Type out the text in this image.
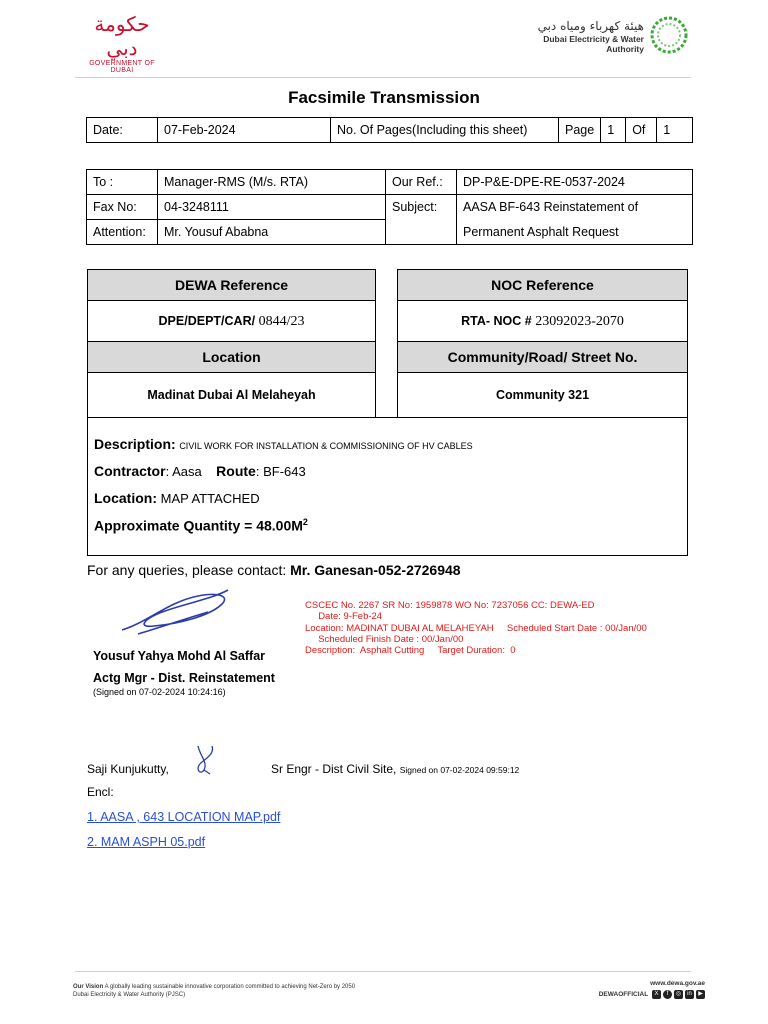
حكومة دبي
GOVERNMENT OF DUBAI
هيئة كهرباء ومياه دبي
Dubai Electricity & Water Authority
Facsimile Transmission
Date:	07-Feb-2024	No. Of Pages(Including this sheet)	Page	1	Of	1
To :	Manager-RMS (M/s. RTA)	Our Ref.:	DP-P&E-DPE-RE-0537-2024
Fax No:	04-3248111	Subject:	AASA BF-643 Reinstatement of
Attention:	Mr. Yousuf Ababna		Permanent Asphalt Request
DEWA Reference	NOC Reference
DPE/DEPT/CAR/ 0844/23	RTA- NOC # 23092023-2070
Location	Community/Road/ Street No.
Madinat Dubai Al Melaheyah	Community 321
Description: CIVIL WORK FOR INSTALLATION & COMMISSIONING OF HV CABLES
Contractor: Aasa Route: BF-643
Location: MAP ATTACHED
Approximate Quantity = $48.00M^2$
For any queries, please contact: Mr. Ganesan-052-2726948
CSCEC No. 2267 SR No: 1959878 WO No: 7237056 CC: DEWA-ED
Date: 9-Feb-24
Location: MADINAT DUBAI AL MELAHEYAH     Scheduled Start Date : 00/Jan/00
Scheduled Finish Date : 00/Jan/00
Description:  Asphalt Cutting     Target Duration:  0
Yousuf Yahya Mohd Al Saffar
Actg Mgr - Dist. Reinstatement
(Signed on 07-02-2024 10:24:16)
Saji Kunjukutty,	Sr Engr - Dist Civil Site, Signed on 07-02-2024 09:59:12
Encl:
1. AASA , 643 LOCATION MAP.pdf
2. MAM ASPH 05.pdf
Our Vision A globally leading sustainable innovative corporation committed to achieving Net-Zero by 2050
Dubai Electricity & Water Authority (PJSC)
www.dewa.gov.ae
DEWAOFFICIAL X f ◎ in ▶
